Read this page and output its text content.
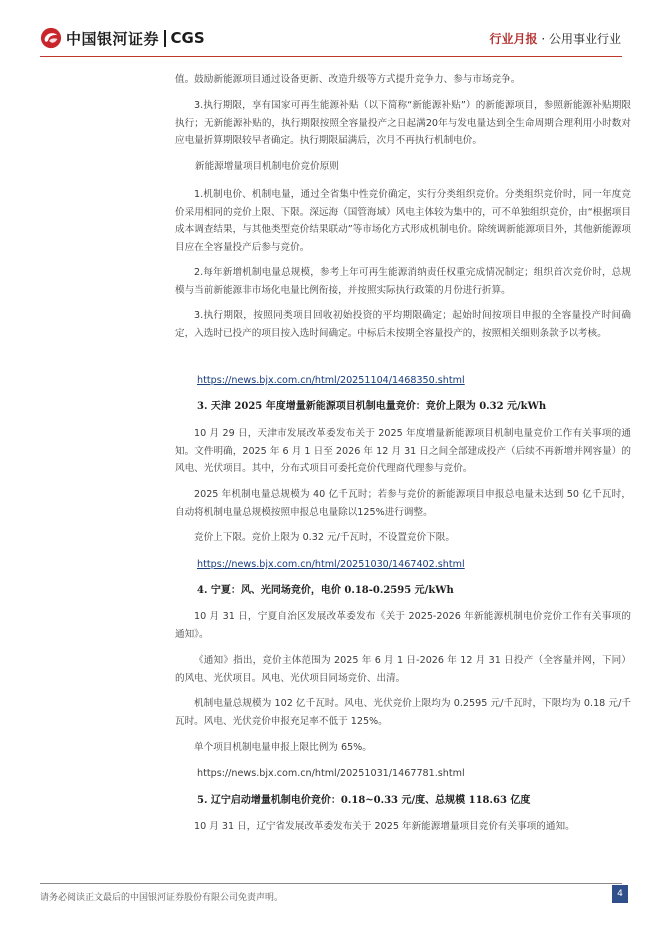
中国银河证券 CGS	行业月报 · 公用事业行业

值。鼓励新能源项目通过设备更新、改造升级等方式提升竞争力、参与市场竞争。

3.执行期限，享有国家可再生能源补贴（以下简称“新能源补贴”）的新能源项目，参照新能源补贴期限执行；无新能源补贴的，执行期限按照全容量投产之日起满20年与发电量达到全生命周期合理利用小时数对应电量折算期限较早者确定。执行期限届满后，次月不再执行机制电价。

新能源增量项目机制电价竞价原则

1.机制电价、机制电量，通过全省集中性竞价确定，实行分类组织竞价。分类组织竞价时，同一年度竞价采用相同的竞价上限、下限。深远海（国管海域）风电主体较为集中的，可不单独组织竞价，由“根据项目成本调查结果，与其他类型竞价结果联动”等市场化方式形成机制电价。除统调新能源项目外，其他新能源项目应在全容量投产后参与竞价。

2.每年新增机制电量总规模，参考上年可再生能源消纳责任权重完成情况制定；组织首次竞价时，总规模与当前新能源非市场化电量比例衔接，并按照实际执行政策的月份进行折算。

3.执行期限，按照同类项目回收初始投资的平均期限确定；起始时间按项目申报的全容量投产时间确定，入选时已投产的项目按入选时间确定。中标后未按期全容量投产的，按照相关细则条款予以考核。

https://news.bjx.com.cn/html/20251104/1468350.shtml
3. 天津 2025 年度增量新能源项目机制电量竞价：竞价上限为 0.32 元/kWh

10 月 29 日，天津市发展改革委发布关于 2025 年度增量新能源项目机制电量竞价工作有关事项的通知。文件明确，2025 年 6 月 1 日至 2026 年 12 月 31 日之间全部建成投产（后续不再新增并网容量）的风电、光伏项目。其中，分布式项目可委托竞价代理商代理参与竞价。

2025 年机制电量总规模为 40 亿千瓦时；若参与竞价的新能源项目申报总电量未达到 50 亿千瓦时，自动将机制电量总规模按照申报总电量除以125%进行调整。

竞价上下限。竞价上限为 0.32 元/千瓦时，不设置竞价下限。

https://news.bjx.com.cn/html/20251030/1467402.shtml
4. 宁夏：风、光同场竞价，电价 0.18-0.2595 元/kWh

10 月 31 日，宁夏自治区发展改革委发布《关于 2025-2026 年新能源机制电价竞价工作有关事项的通知》。

《通知》指出，竞价主体范围为 2025 年 6 月 1 日-2026 年 12 月 31 日投产（全容量并网，下同）的风电、光伏项目。风电、光伏项目同场竞价、出清。

机制电量总规模为 102 亿千瓦时。风电、光伏竞价上限均为 0.2595 元/千瓦时，下限均为 0.18 元/千瓦时。风电、光伏竞价申报充足率不低于 125%。

单个项目机制电量申报上限比例为 65%。

https://news.bjx.com.cn/html/20251031/1467781.shtml
5. 辽宁启动增量机制电价竞价：0.18~0.33 元/度、总规模 118.63 亿度

10 月 31 日，辽宁省发展改革委发布关于 2025 年新能源增量项目竞价有关事项的通知。

请务必阅读正文最后的中国银河证券股份有限公司免责声明。	4
